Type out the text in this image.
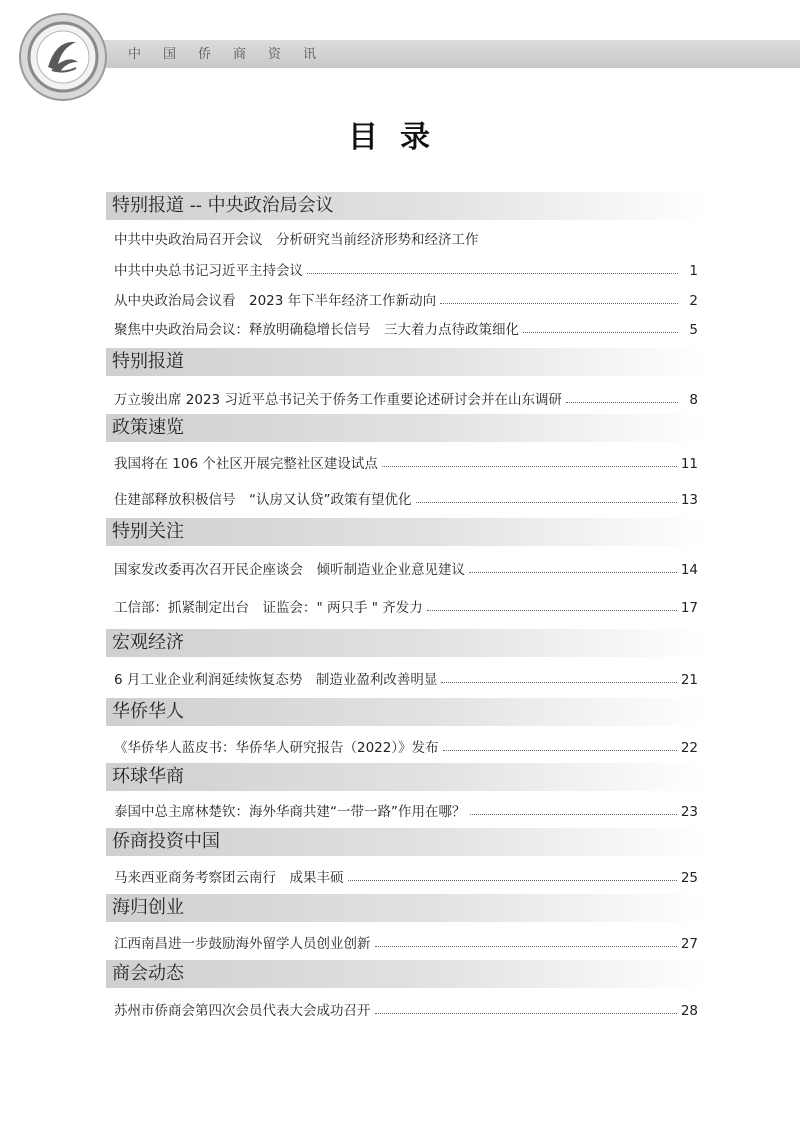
中国侨商资讯
目录
特别报道 -- 中央政治局会议
中共中央政治局召开会议　分析研究当前经济形势和经济工作
中共中央总书记习近平主持会议	1
从中央政治局会议看　2023 年下半年经济工作新动向	2
聚焦中央政治局会议：释放明确稳增长信号　三大着力点待政策细化	5
特别报道
万立骏出席 2023 习近平总书记关于侨务工作重要论述研讨会并在山东调研	8
政策速览
我国将在 106 个社区开展完整社区建设试点	11
住建部释放积极信号　“认房又认贷”政策有望优化	13
特别关注
国家发改委再次召开民企座谈会　倾听制造业企业意见建议	14
工信部：抓紧制定出台　证监会：" 两只手 " 齐发力	17
宏观经济
6 月工业企业利润延续恢复态势　制造业盈利改善明显	21
华侨华人
《华侨华人蓝皮书：华侨华人研究报告（2022）》发布	22
环球华商
泰国中总主席林楚钦：海外华商共建“一带一路”作用在哪？	23
侨商投资中国
马来西亚商务考察团云南行　成果丰硕	25
海归创业
江西南昌进一步鼓励海外留学人员创业创新	27
商会动态
苏州市侨商会第四次会员代表大会成功召开	28
